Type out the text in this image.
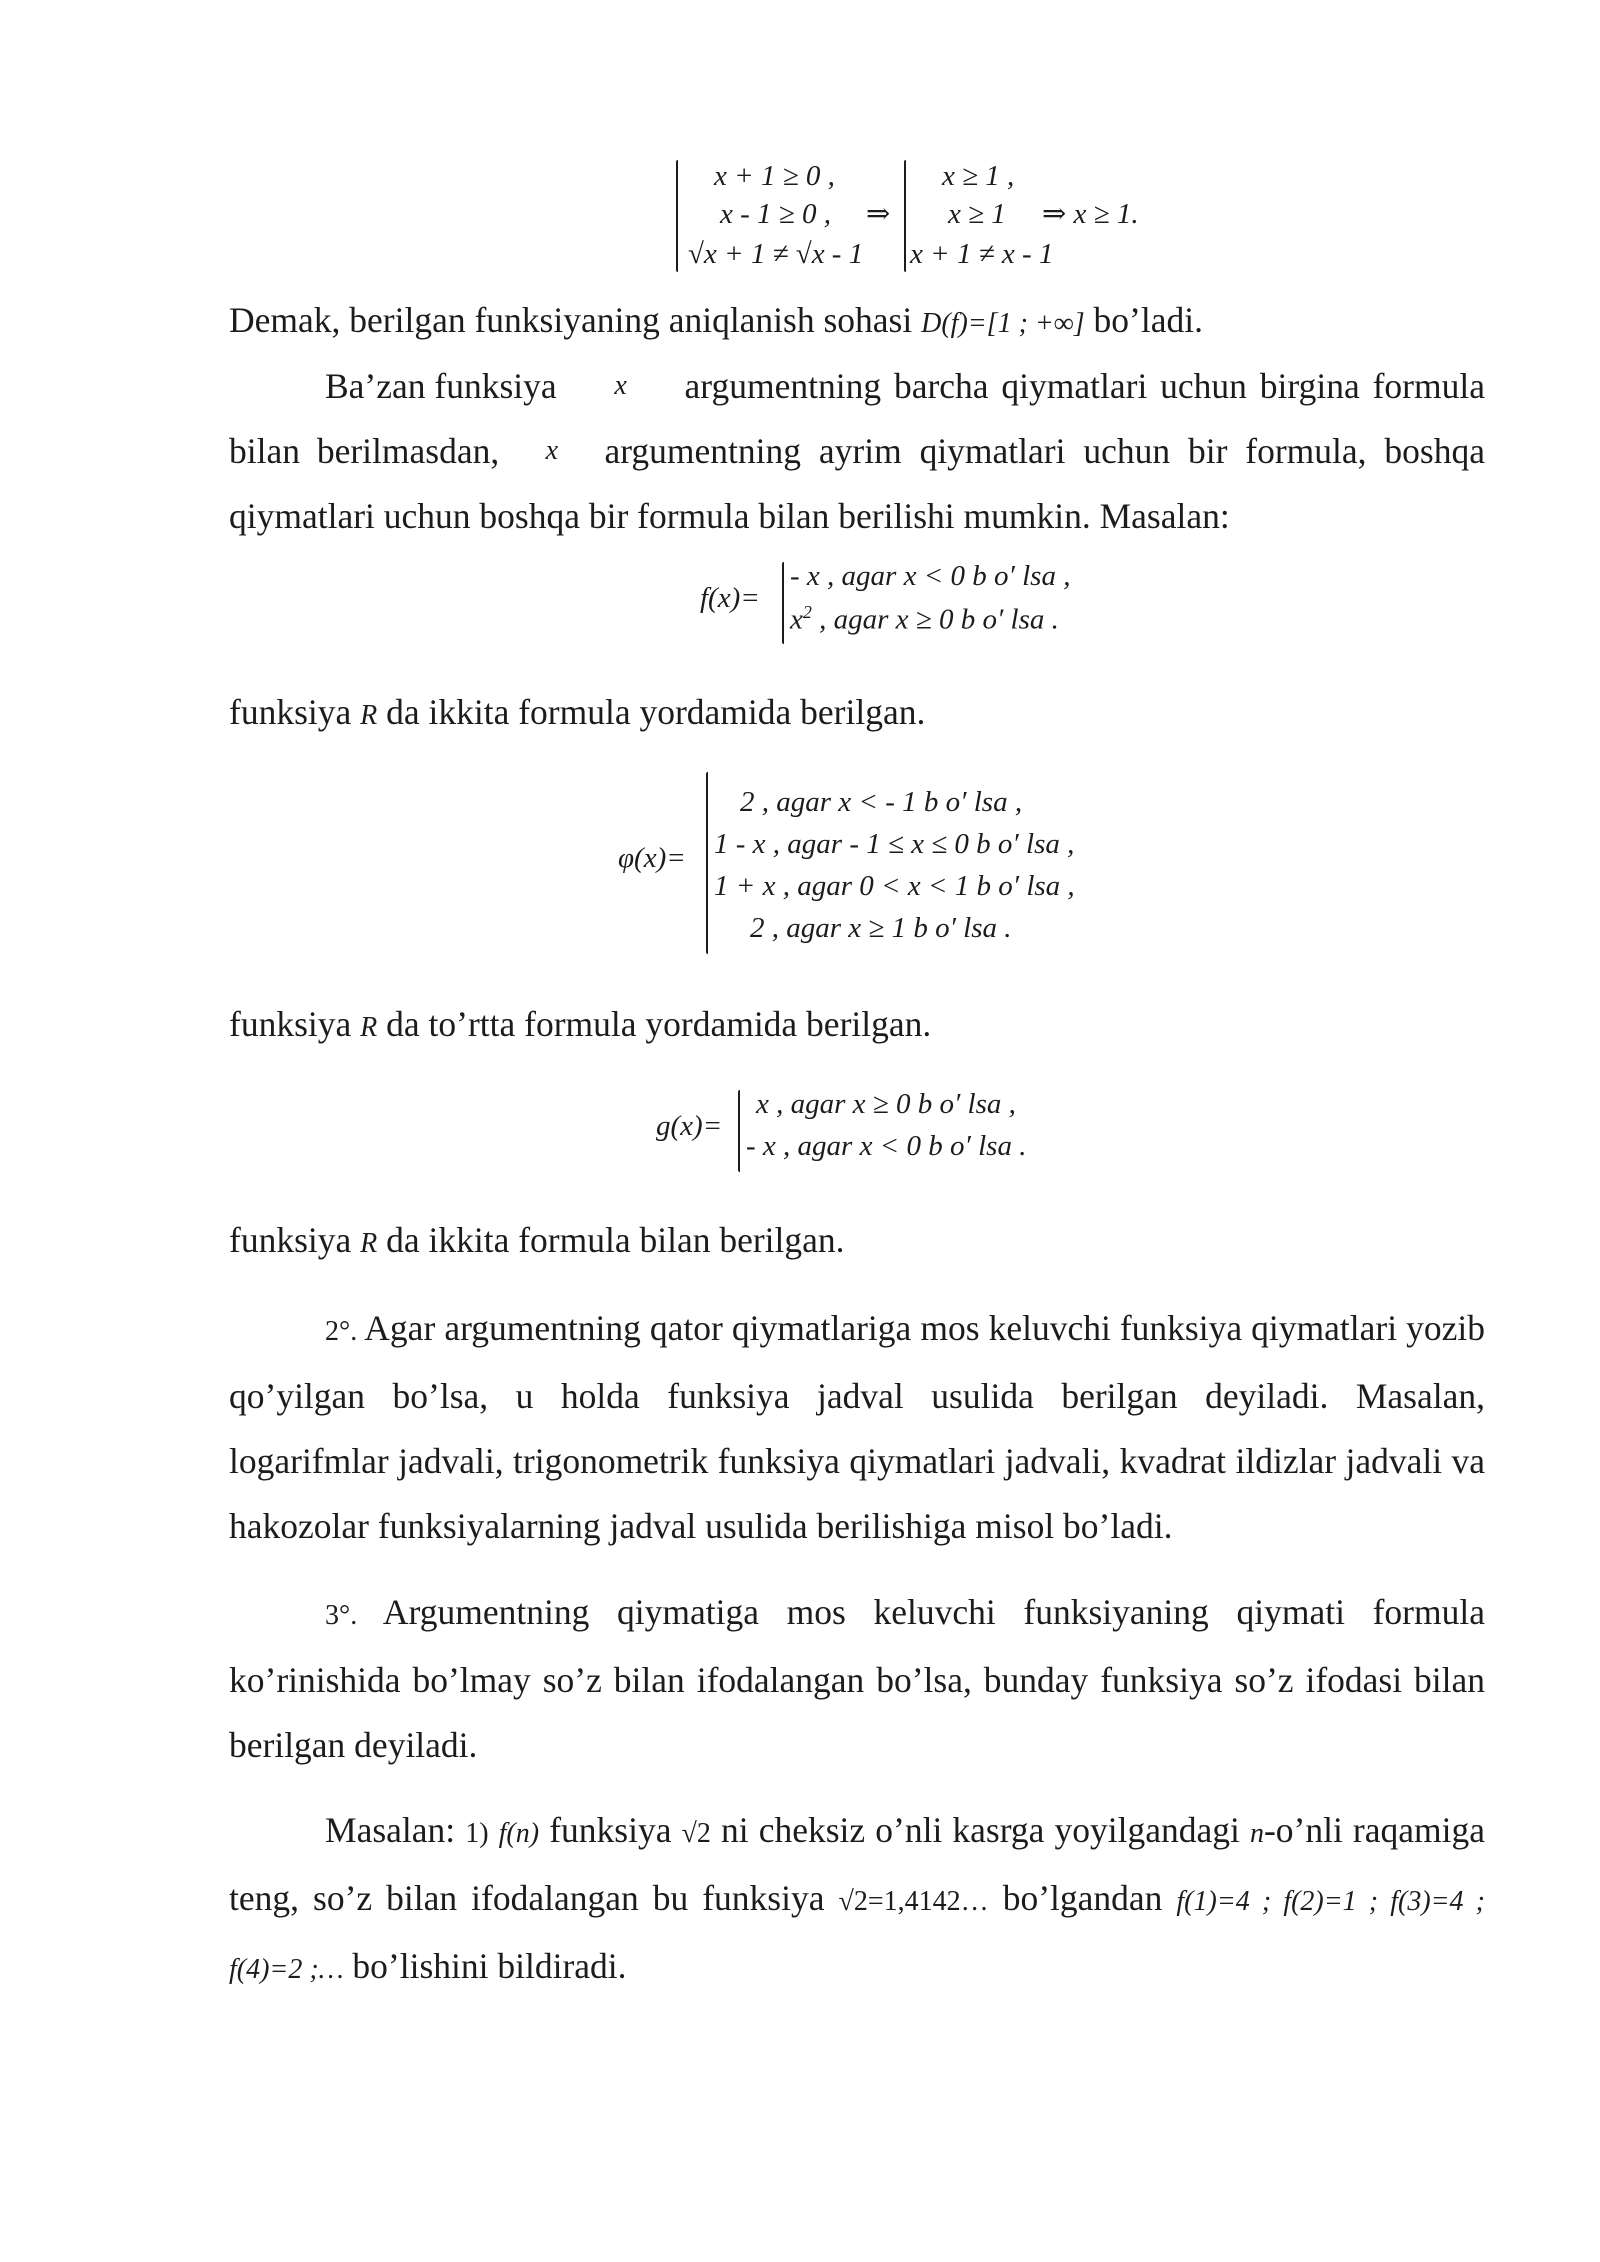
x + 1 ≥ 0 ,
x - 1 ≥ 0 ,
√x + 1 ≠ √x - 1
⇒
x ≥ 1 ,
x ≥ 1
x + 1 ≠ x - 1
⇒ x ≥ 1.
Demak, berilgan funksiyaning aniqlanish sohasi D(f)=[1 ; +∞] bo’ladi.
Ba’zan funksiya x argumentning barcha qiymatlari uchun birgina formula
bilan berilmasdan, x argumentning ayrim qiymatlari uchun bir formula, boshqa
qiymatlari uchun boshqa bir formula bilan berilishi mumkin. Masalan:
f(x)=
- x , agar x < 0 b o′ lsa ,
$x^2$ , agar x ≥ 0 b o′ lsa .
funksiya R da ikkita formula yordamida berilgan.
φ(x)=
2 , agar x < - 1 b o′ lsa ,
1 - x , agar - 1 ≤ x ≤ 0 b o′ lsa ,
1 + x , agar 0 < x < 1 b o′ lsa ,
2 , agar x ≥ 1 b o′ lsa .
funksiya R da to’rtta formula yordamida berilgan.
g(x)=
x , agar x ≥ 0 b o′ lsa ,
- x , agar x < 0 b o′ lsa .
funksiya R da ikkita formula bilan berilgan.

2°. Agar argumentning qator qiymatlariga mos keluvchi funksiya qiymatlari yozib qo’yilgan bo’lsa, u holda funksiya jadval usulida berilgan deyiladi. Masalan, logarifmlar jadvali, trigonometrik funksiya qiymatlari jadvali, kvadrat ildizlar jadvali va hakozolar funksiyalarning jadval usulida berilishiga misol bo’ladi.

3°. Argumentning qiymatiga mos keluvchi funksiyaning qiymati formula ko’rinishida bo’lmay so’z bilan ifodalangan bo’lsa, bunday funksiya so’z ifodasi bilan berilgan deyiladi.

Masalan: 1) f(n) funksiya √2 ni cheksiz o’nli kasrga yoyilgandagi n-o’nli raqamiga teng, so’z bilan ifodalangan bu funksiya √2=1,4142… bo’lgandan f(1)=4 ; f(2)=1 ; f(3)=4 ; f(4)=2 ;… bo’lishini bildiradi.
